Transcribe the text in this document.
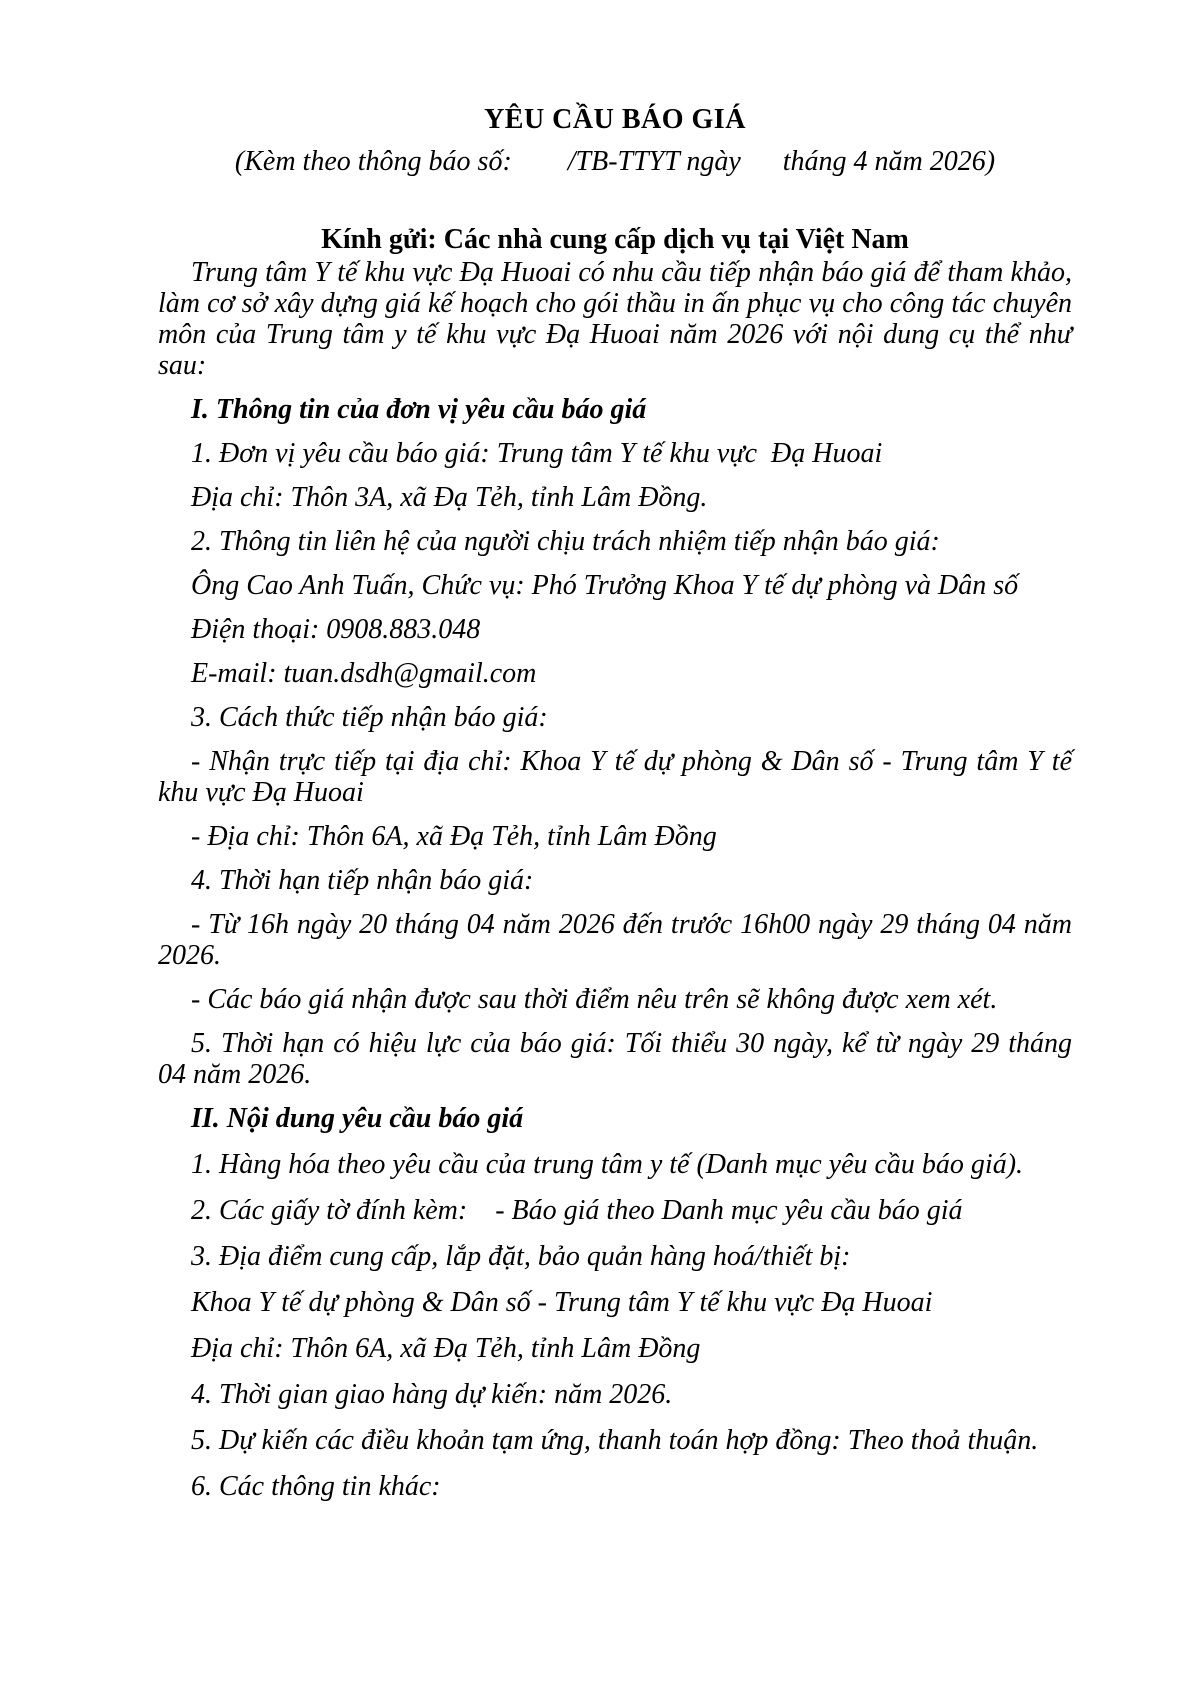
YÊU CẦU BÁO GIÁ
(Kèm theo thông báo số:        /TB-TTYT ngày      tháng 4 năm 2026)
Kính gửi: Các nhà cung cấp dịch vụ tại Việt Nam

Trung tâm Y tế khu vực Đạ Huoai có nhu cầu tiếp nhận báo giá để tham khảo, làm cơ sở xây dựng giá kế hoạch cho gói thầu in ấn phục vụ cho công tác chuyên môn của Trung tâm y tế khu vực Đạ Huoai năm 2026 với nội dung cụ thể như sau:

I. Thông tin của đơn vị yêu cầu báo giá

1. Đơn vị yêu cầu báo giá: Trung tâm Y tế khu vực  Đạ Huoai

Địa chỉ: Thôn 3A, xã Đạ Tẻh, tỉnh Lâm Đồng.

2. Thông tin liên hệ của người chịu trách nhiệm tiếp nhận báo giá:

Ông Cao Anh Tuấn, Chức vụ: Phó Trưởng Khoa Y tế dự phòng và Dân số

Điện thoại: 0908.883.048

E-mail: tuan.dsdh@gmail.com

3. Cách thức tiếp nhận báo giá:

- Nhận trực tiếp tại địa chỉ: Khoa Y tế dự phòng & Dân số - Trung tâm Y tế khu vực Đạ Huoai

- Địa chỉ: Thôn 6A, xã Đạ Tẻh, tỉnh Lâm Đồng

4. Thời hạn tiếp nhận báo giá:

- Từ 16h ngày 20 tháng 04 năm 2026 đến trước 16h00 ngày 29 tháng 04 năm 2026.

- Các báo giá nhận được sau thời điểm nêu trên sẽ không được xem xét.

5. Thời hạn có hiệu lực của báo giá: Tối thiểu 30 ngày, kể từ ngày 29 tháng 04 năm 2026.

II. Nội dung yêu cầu báo giá

1. Hàng hóa theo yêu cầu của trung tâm y tế (Danh mục yêu cầu báo giá).

2. Các giấy tờ đính kèm:    - Báo giá theo Danh mục yêu cầu báo giá

3. Địa điểm cung cấp, lắp đặt, bảo quản hàng hoá/thiết bị:

Khoa Y tế dự phòng & Dân số - Trung tâm Y tế khu vực Đạ Huoai

Địa chỉ: Thôn 6A, xã Đạ Tẻh, tỉnh Lâm Đồng

4. Thời gian giao hàng dự kiến: năm 2026.

5. Dự kiến các điều khoản tạm ứng, thanh toán hợp đồng: Theo thoả thuận.

6. Các thông tin khác:
